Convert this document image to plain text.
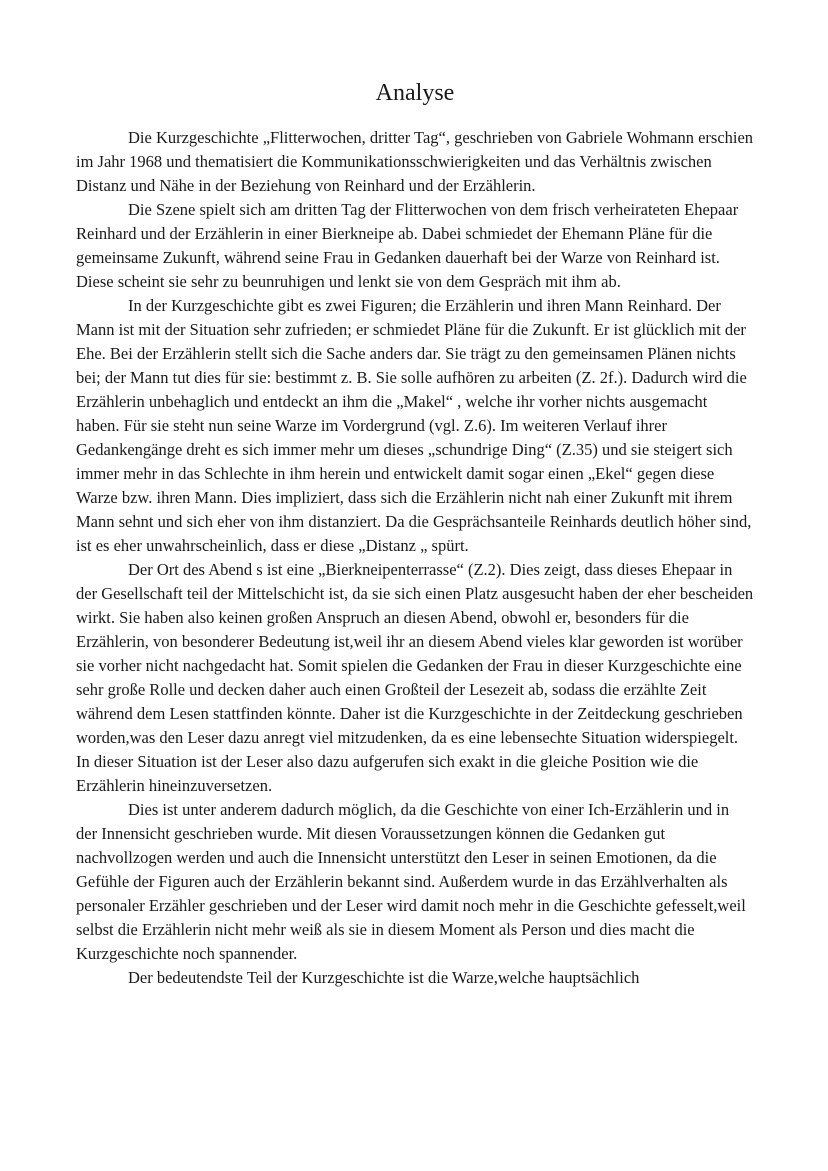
Analyse

Die Kurzgeschichte „Flitterwochen, dritter Tag“, geschrieben von Gabriele Wohmann erschien im Jahr 1968 und thematisiert die Kommunikationsschwierigkeiten und das Verhältnis zwischen Distanz und Nähe in der Beziehung von Reinhard und der Erzählerin.

Die Szene spielt sich am dritten Tag der Flitterwochen von dem frisch verheirateten Ehepaar Reinhard und der Erzählerin in einer Bierkneipe ab. Dabei schmiedet der Ehemann Pläne für die gemeinsame Zukunft, während seine Frau in Gedanken dauerhaft bei der Warze von Reinhard ist. Diese scheint sie sehr zu beunruhigen und lenkt sie von dem Gespräch mit ihm ab.

In der Kurzgeschichte gibt es zwei Figuren; die Erzählerin und ihren Mann Reinhard. Der Mann ist mit der Situation sehr zufrieden; er schmiedet Pläne für die Zukunft. Er ist glücklich mit der Ehe. Bei der Erzählerin stellt sich die Sache anders dar. Sie trägt zu den gemeinsamen Plänen nichts bei; der Mann tut dies für sie: bestimmt z. B. Sie solle aufhören zu arbeiten (Z. 2f.). Dadurch wird die Erzählerin unbehaglich und entdeckt an ihm die „Makel“ , welche ihr vorher nichts ausgemacht haben. Für sie steht nun seine Warze im Vordergrund (vgl. Z.6). Im weiteren Verlauf ihrer Gedankengänge dreht es sich immer mehr um dieses „schundrige Ding“ (Z.35) und sie steigert sich immer mehr in das Schlechte in ihm herein und entwickelt damit sogar einen „Ekel“ gegen diese Warze bzw. ihren Mann. Dies impliziert, dass sich die Erzählerin nicht nah einer Zukunft mit ihrem Mann sehnt und sich eher von ihm distanziert. Da die Gesprächsanteile Reinhards deutlich höher sind, ist es eher unwahrscheinlich, dass er diese „Distanz „ spürt.

Der Ort des Abend s ist eine „Bierkneipenterrasse“ (Z.2). Dies zeigt, dass dieses Ehepaar in der Gesellschaft teil der Mittelschicht ist, da sie sich einen Platz ausgesucht haben der eher bescheiden wirkt. Sie haben also keinen großen Anspruch an diesen Abend, obwohl er, besonders für die Erzählerin, von besonderer Bedeutung ist,weil ihr an diesem Abend vieles klar geworden ist worüber sie vorher nicht nachgedacht hat. Somit spielen die Gedanken der Frau in dieser Kurzgeschichte eine sehr große Rolle und decken daher auch einen Großteil der Lesezeit ab, sodass die erzählte Zeit während dem Lesen stattfinden könnte. Daher ist die Kurzgeschichte in der Zeitdeckung geschrieben worden,was den Leser dazu anregt viel mitzudenken, da es eine lebensechte Situation widerspiegelt. In dieser Situation ist der Leser also dazu aufgerufen sich exakt in die gleiche Position wie die Erzählerin hineinzuversetzen.

Dies ist unter anderem dadurch möglich, da die Geschichte von einer Ich-Erzählerin und in der Innensicht geschrieben wurde. Mit diesen Voraussetzungen können die Gedanken gut nachvollzogen werden und auch die Innensicht unterstützt den Leser in seinen Emotionen, da die Gefühle der Figuren auch der Erzählerin bekannt sind. Außerdem wurde in das Erzählverhalten als personaler Erzähler geschrieben und der Leser wird damit noch mehr in die Geschichte gefesselt,weil selbst die Erzählerin nicht mehr weiß als sie in diesem Moment als Person und dies macht die Kurzgeschichte noch spannender.

Der bedeutendste Teil der Kurzgeschichte ist die Warze,welche hauptsächlich
